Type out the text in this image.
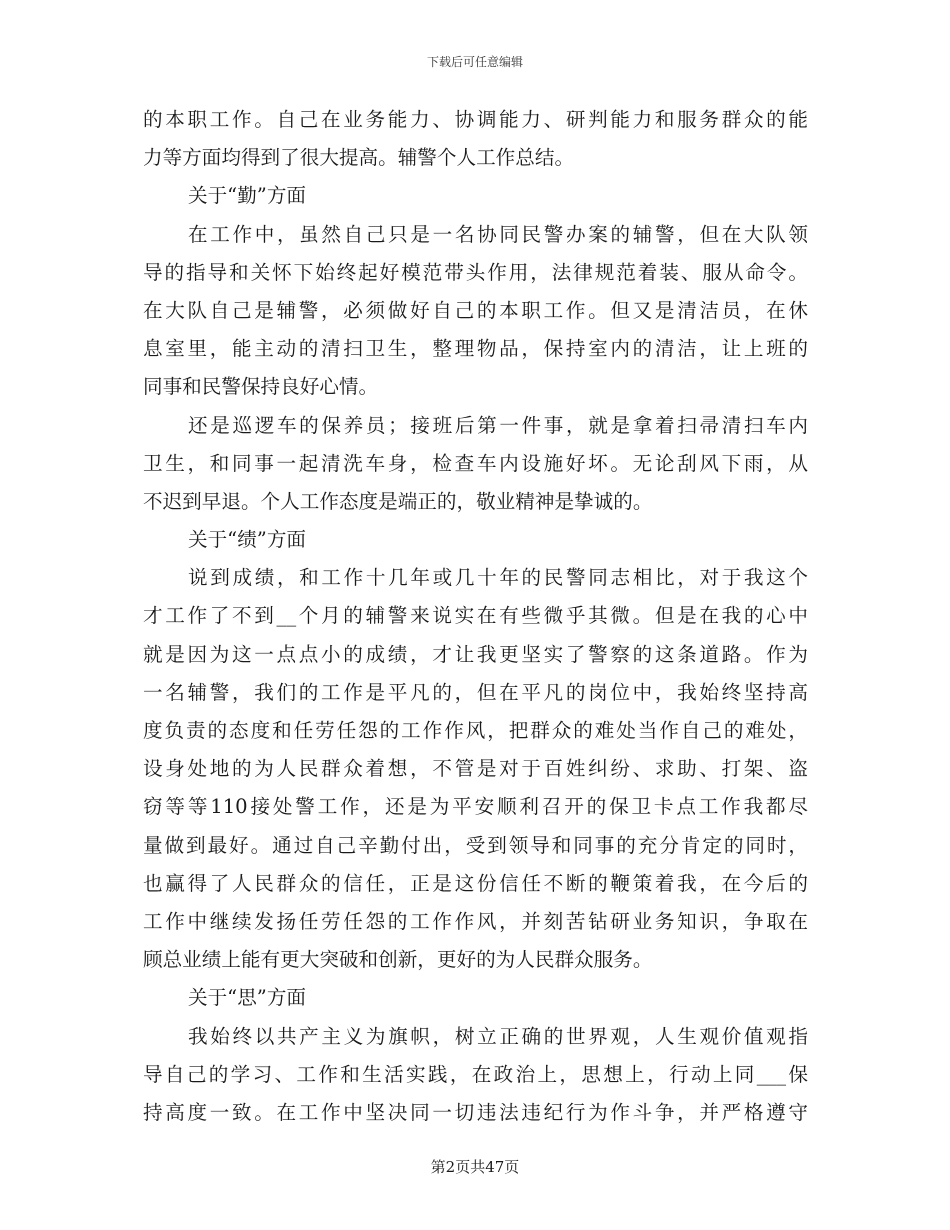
下载后可任意编辑
的本职工作。自己在业务能力、协调能力、研判能力和服务群众的能
力等方面均得到了很大提高。辅警个人工作总结。
关于“勤”方面
在工作中，虽然自己只是一名协同民警办案的辅警，但在大队领
导的指导和关怀下始终起好模范带头作用，法律规范着装、服从命令。
在大队自己是辅警，必须做好自己的本职工作。但又是清洁员，在休
息室里，能主动的清扫卫生，整理物品，保持室内的清洁，让上班的
同事和民警保持良好心情。
还是巡逻车的保养员；接班后第一件事，就是拿着扫帚清扫车内
卫生，和同事一起清洗车身，检查车内设施好坏。无论刮风下雨，从
不迟到早退。个人工作态度是端正的，敬业精神是挚诚的。
关于“绩”方面
说到成绩，和工作十几年或几十年的民警同志相比，对于我这个
才工作了不到__个月的辅警来说实在有些微乎其微。但是在我的心中
就是因为这一点点小的成绩，才让我更坚实了警察的这条道路。作为
一名辅警，我们的工作是平凡的，但在平凡的岗位中，我始终坚持高
度负责的态度和任劳任怨的工作作风，把群众的难处当作自己的难处，
设身处地的为人民群众着想，不管是对于百姓纠纷、求助、打架、盗
窃等等110接处警工作，还是为平安顺利召开的保卫卡点工作我都尽
量做到最好。通过自己辛勤付出，受到领导和同事的充分肯定的同时，
也赢得了人民群众的信任，正是这份信任不断的鞭策着我，在今后的
工作中继续发扬任劳任怨的工作作风，并刻苦钻研业务知识，争取在
顾总业绩上能有更大突破和创新，更好的为人民群众服务。
关于“思”方面
我始终以共产主义为旗帜，树立正确的世界观，人生观价值观指
导自己的学习、工作和生活实践，在政治上，思想上，行动上同___保
持高度一致。在工作中坚决同一切违法违纪行为作斗争，并严格遵守
第2页共47页
